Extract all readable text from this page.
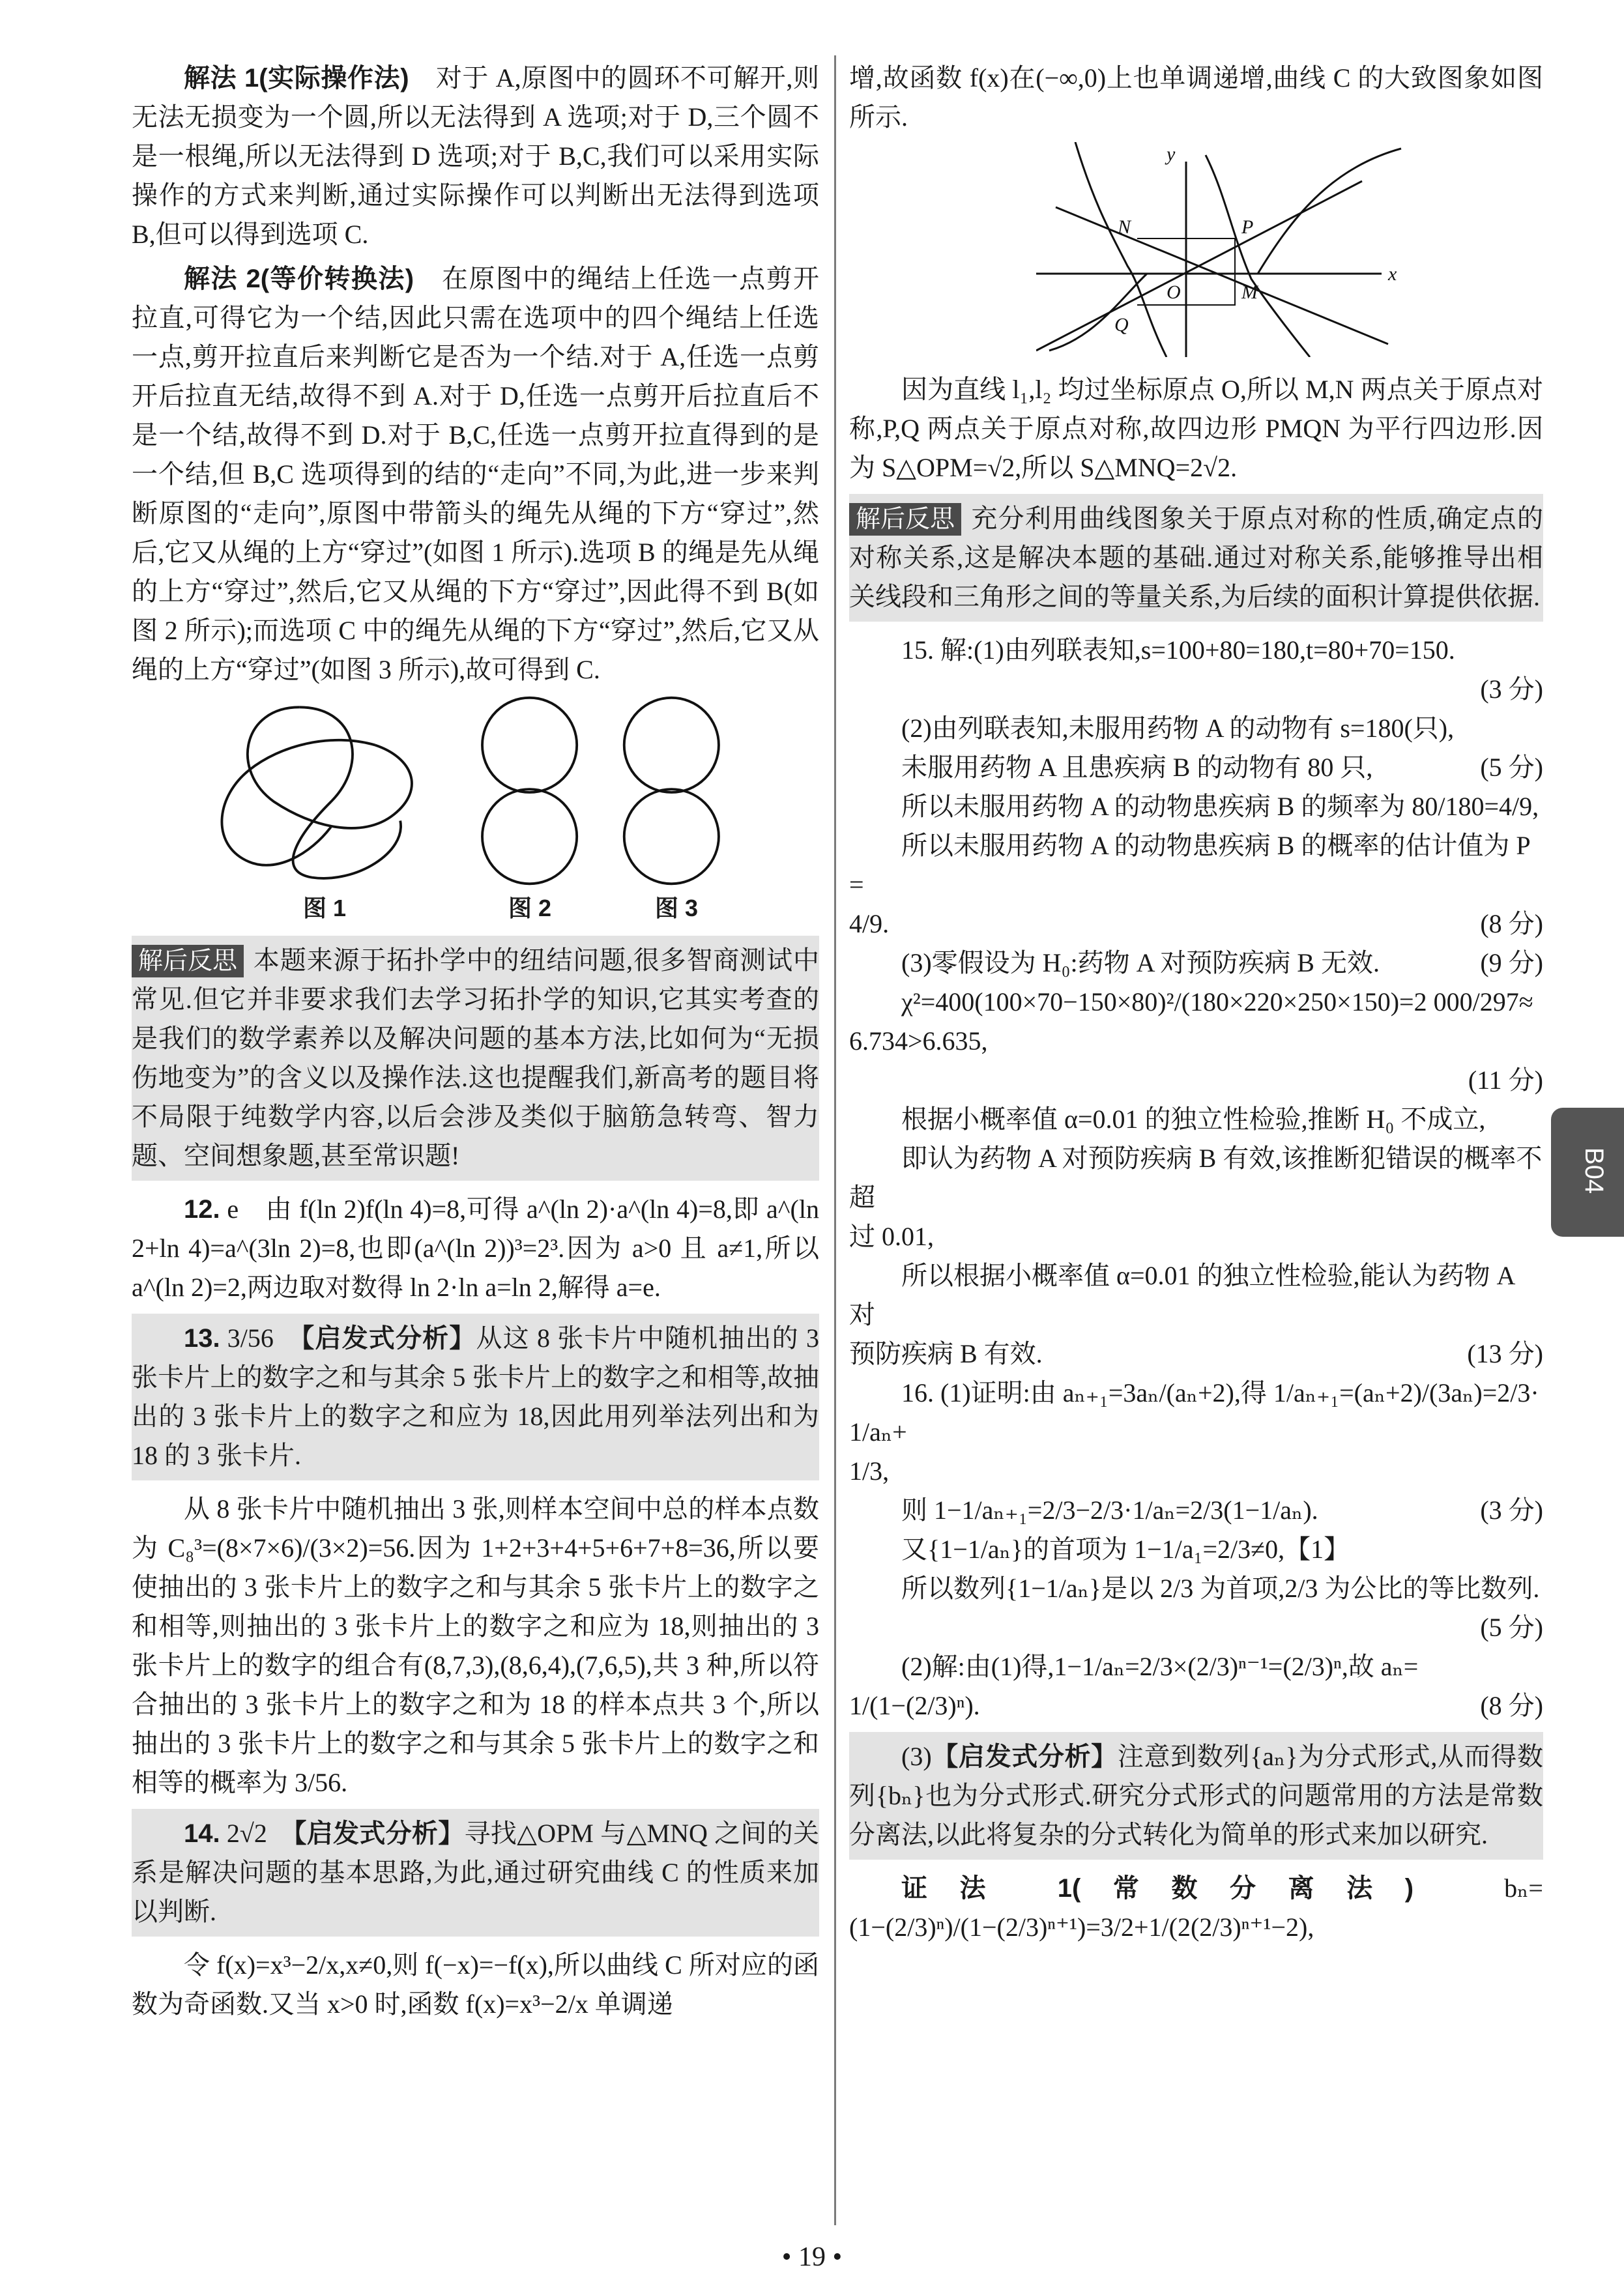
解法 1(实际操作法)　对于 A,原图中的圆环不可解开,则无法无损变为一个圆,所以无法得到 A 选项;对于 D,三个圆不是一根绳,所以无法得到 D 选项;对于 B,C,我们可以采用实际操作的方式来判断,通过实际操作可以判断出无法得到选项 B,但可以得到选项 C.
解法 2(等价转换法)　在原图中的绳结上任选一点剪开拉直,可得它为一个结,因此只需在选项中的四个绳结上任选一点,剪开拉直后来判断它是否为一个结.对于 A,任选一点剪开后拉直无结,故得不到 A.对于 D,任选一点剪开后拉直后不是一个结,故得不到 D.对于 B,C,任选一点剪开拉直得到的是一个结,但 B,C 选项得到的结的“走向”不同,为此,进一步来判断原图的“走向”,原图中带箭头的绳先从绳的下方“穿过”,然后,它又从绳的上方“穿过”(如图 1 所示).选项 B 的绳是先从绳的上方“穿过”,然后,它又从绳的下方“穿过”,因此得不到 B(如图 2 所示);而选项 C 中的绳先从绳的下方“穿过”,然后,它又从绳的上方“穿过”(如图 3 所示),故可得到 C.
图 1	图 2	图 3
解后反思 本题来源于拓扑学中的纽结问题,很多智商测试中常见.但它并非要求我们去学习拓扑学的知识,它其实考查的是我们的数学素养以及解决问题的基本方法,比如何为“无损伤地变为”的含义以及操作法.这也提醒我们,新高考的题目将不局限于纯数学内容,以后会涉及类似于脑筋急转弯、智力题、空间想象题,甚至常识题!
12. e　由 f(ln 2)f(ln 4)=8,可得 a^(ln 2)·a^(ln 4)=8,即 a^(ln 2+ln 4)=a^(3ln 2)=8,也即(a^(ln 2))³=2³.因为 a>0 且 a≠1,所以 a^(ln 2)=2,两边取对数得 ln 2·ln a=ln 2,解得 a=e.
13. 3/56　【启发式分析】从这 8 张卡片中随机抽出的 3 张卡片上的数字之和与其余 5 张卡片上的数字之和相等,故抽出的 3 张卡片上的数字之和应为 18,因此用列举法列出和为 18 的 3 张卡片.
从 8 张卡片中随机抽出 3 张,则样本空间中总的样本点数为 C₈³=(8×7×6)/(3×2)=56.因为 1+2+3+4+5+6+7+8=36,所以要使抽出的 3 张卡片上的数字之和与其余 5 张卡片上的数字之和相等,则抽出的 3 张卡片上的数字之和应为 18,则抽出的 3 张卡片上的数字的组合有(8,7,3),(8,6,4),(7,6,5),共 3 种,所以符合抽出的 3 张卡片上的数字之和为 18 的样本点共 3 个,所以抽出的 3 张卡片上的数字之和与其余 5 张卡片上的数字之和相等的概率为 3/56.
14. 2√2　【启发式分析】寻找△OPM 与△MNQ 之间的关系是解决问题的基本思路,为此,通过研究曲线 C 的性质来加以判断.
令 f(x)=x³−2/x,x≠0,则 f(−x)=−f(x),所以曲线 C 所对应的函数为奇函数.又当 x>0 时,函数 f(x)=x³−2/x 单调递
增,故函数 f(x)在(−∞,0)上也单调递增,曲线 C 的大致图象如图所示.
y
x
O
N	P
Q
M
因为直线 l₁,l₂ 均过坐标原点 O,所以 M,N 两点关于原点对称,P,Q 两点关于原点对称,故四边形 PMQN 为平行四边形.因为 S△OPM=√2,所以 S△MNQ=2√2.
解后反思 充分利用曲线图象关于原点对称的性质,确定点的对称关系,这是解决本题的基础.通过对称关系,能够推导出相关线段和三角形之间的等量关系,为后续的面积计算提供依据.
15. 解:(1)由列联表知,s=100+80=180,t=80+70=150.
(3 分)
(2)由列联表知,未服用药物 A 的动物有 s=180(只),
未服用药物 A 且患疾病 B 的动物有 80 只,	(5 分)
所以未服用药物 A 的动物患疾病 B 的频率为 80/180=4/9,
所以未服用药物 A 的动物患疾病 B 的概率的估计值为 P=
4/9.	(8 分)
(3)零假设为 H₀:药物 A 对预防疾病 B 无效.	(9 分)
χ²=400(100×70−150×80)²/(180×220×250×150)=2 000/297≈6.734>6.635,
(11 分)
根据小概率值 α=0.01 的独立性检验,推断 H₀ 不成立,
即认为药物 A 对预防疾病 B 有效,该推断犯错误的概率不超
过 0.01,
所以根据小概率值 α=0.01 的独立性检验,能认为药物 A 对
预防疾病 B 有效.	(13 分)
16. (1)证明:由 aₙ₊₁=3aₙ/(aₙ+2),得 1/aₙ₊₁=(aₙ+2)/(3aₙ)=2/3·1/aₙ+
1/3,
则 1−1/aₙ₊₁=2/3−2/3·1/aₙ=2/3(1−1/aₙ).	(3 分)
又{1−1/aₙ}的首项为 1−1/a₁=2/3≠0,【1】
所以数列{1−1/aₙ}是以 2/3 为首项,2/3 为公比的等比数列.
(5 分)
(2)解:由(1)得,1−1/aₙ=2/3×(2/3)ⁿ⁻¹=(2/3)ⁿ,故 aₙ=
1/(1−(2/3)ⁿ).	(8 分)
(3)【启发式分析】注意到数列{aₙ}为分式形式,从而得数列{bₙ}也为分式形式.研究分式形式的问题常用的方法是常数分离法,以此将复杂的分式转化为简单的形式来加以研究.
证法 1(常数分离法)　bₙ=(1−(2/3)ⁿ)/(1−(2/3)ⁿ⁺¹)=3/2+1/(2(2/3)ⁿ⁺¹−2),
B04
• 19 •
